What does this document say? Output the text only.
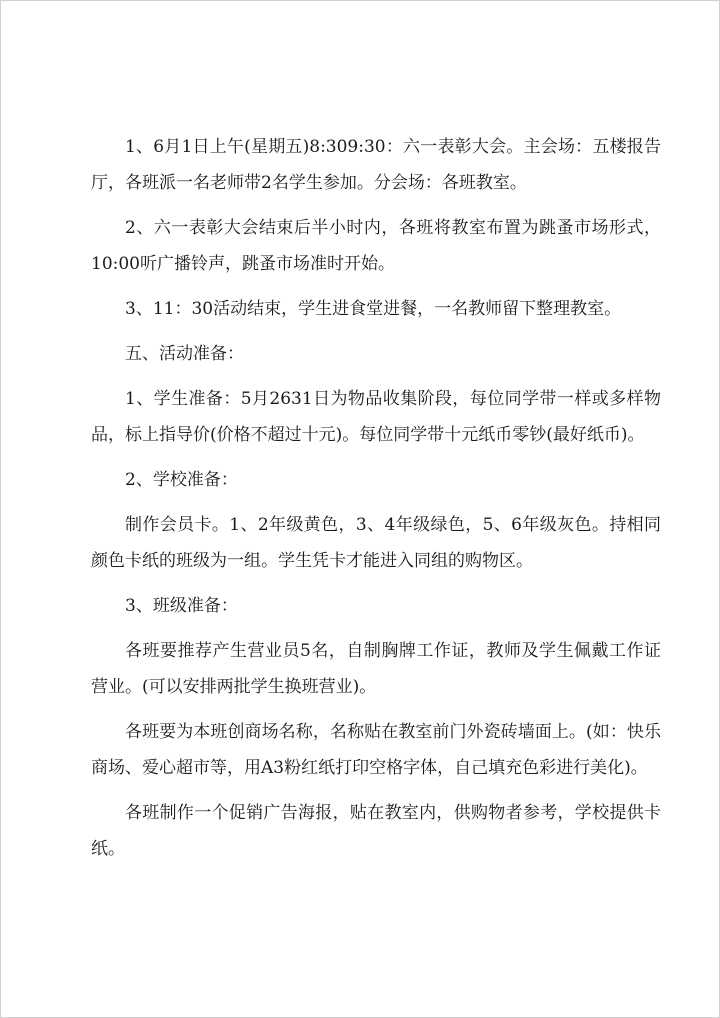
1、6月1日上午(星期五)8:309:30：六一表彰大会。主会场：五楼报告厅，各班派一名老师带2名学生参加。分会场：各班教室。

2、六一表彰大会结束后半小时内，各班将教室布置为跳蚤市场形式，10:00听广播铃声，跳蚤市场准时开始。

3、11：30活动结束，学生进食堂进餐，一名教师留下整理教室。

五、活动准备：

1、学生准备：5月2631日为物品收集阶段，每位同学带一样或多样物品，标上指导价(价格不超过十元)。每位同学带十元纸币零钞(最好纸币)。

2、学校准备：

制作会员卡。1、2年级黄色，3、4年级绿色，5、6年级灰色。持相同颜色卡纸的班级为一组。学生凭卡才能进入同组的购物区。

3、班级准备：

各班要推荐产生营业员5名，自制胸牌工作证，教师及学生佩戴工作证营业。(可以安排两批学生换班营业)。

各班要为本班创商场名称，名称贴在教室前门外瓷砖墙面上。(如：快乐商场、爱心超市等，用A3粉红纸打印空格字体，自己填充色彩进行美化)。

各班制作一个促销广告海报，贴在教室内，供购物者参考，学校提供卡纸。
